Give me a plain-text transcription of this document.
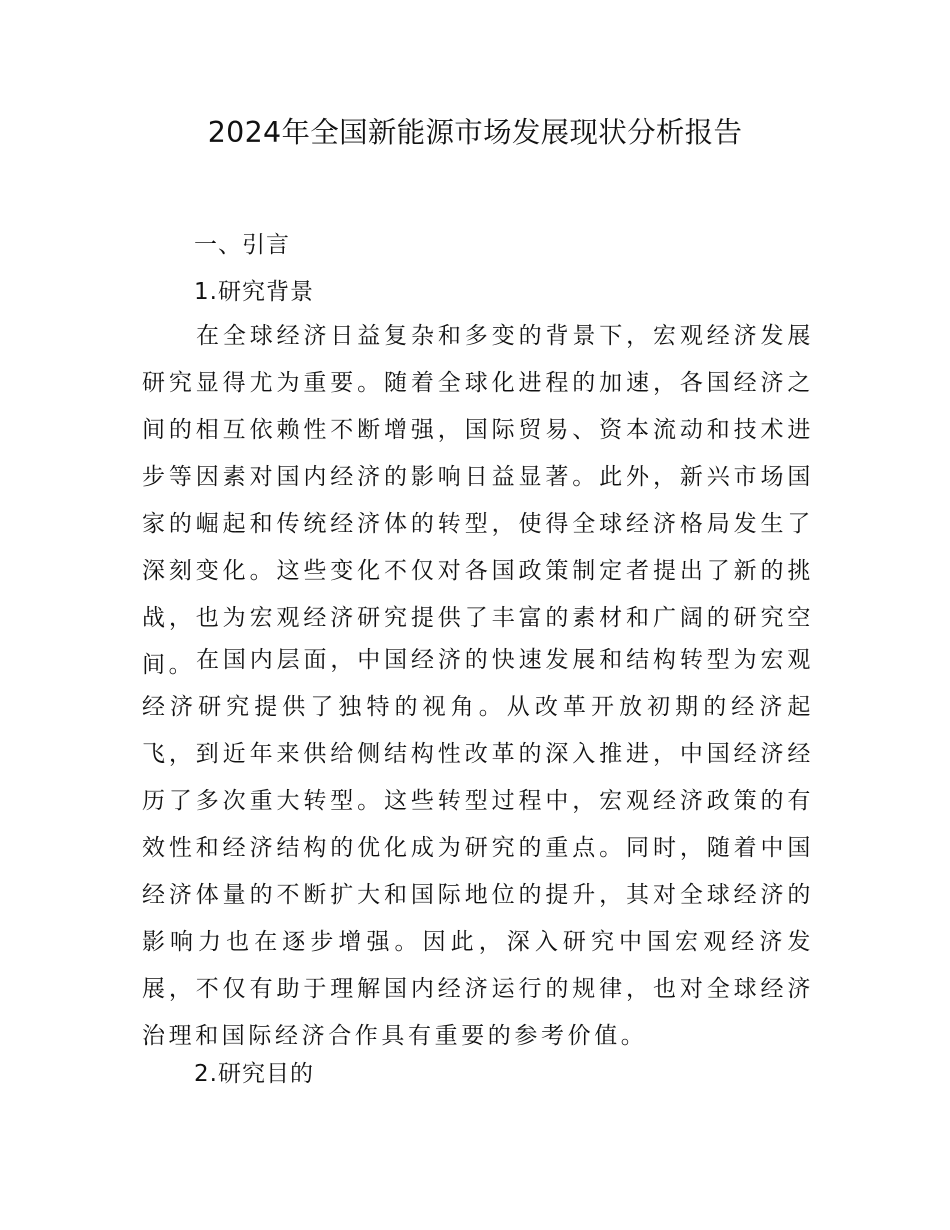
2024年全国新能源市场发展现状分析报告
一、引言
1.研究背景

在全球经济日益复杂和多变的背景下，宏观经济发展研究显得尤为重要。随着全球化进程的加速，各国经济之间的相互依赖性不断增强，国际贸易、资本流动和技术进步等因素对国内经济的影响日益显著。此外，新兴市场国家的崛起和传统经济体的转型，使得全球经济格局发生了深刻变化。这些变化不仅对各国政策制定者提出了新的挑战，也为宏观经济研究提供了丰富的素材和广阔的研究空间。 在国内层面，中国经济的快速发展和结构转型为宏观经济研究提供了独特的视角。从改革开放初期的经济起飞，到近年来供给侧结构性改革的深入推进，中国经济经历了多次重大转型。这些转型过程中，宏观经济政策的有效性和经济结构的优化成为研究的重点。同时，随着中国经济体量的不断扩大和国际地位的提升，其对全球经济的影响力也在逐步增强。因此，深入研究中国宏观经济发展，不仅有助于理解国内经济运行的规律，也对全球经济治理和国际经济合作具有重要的参考价值。

2.研究目的
